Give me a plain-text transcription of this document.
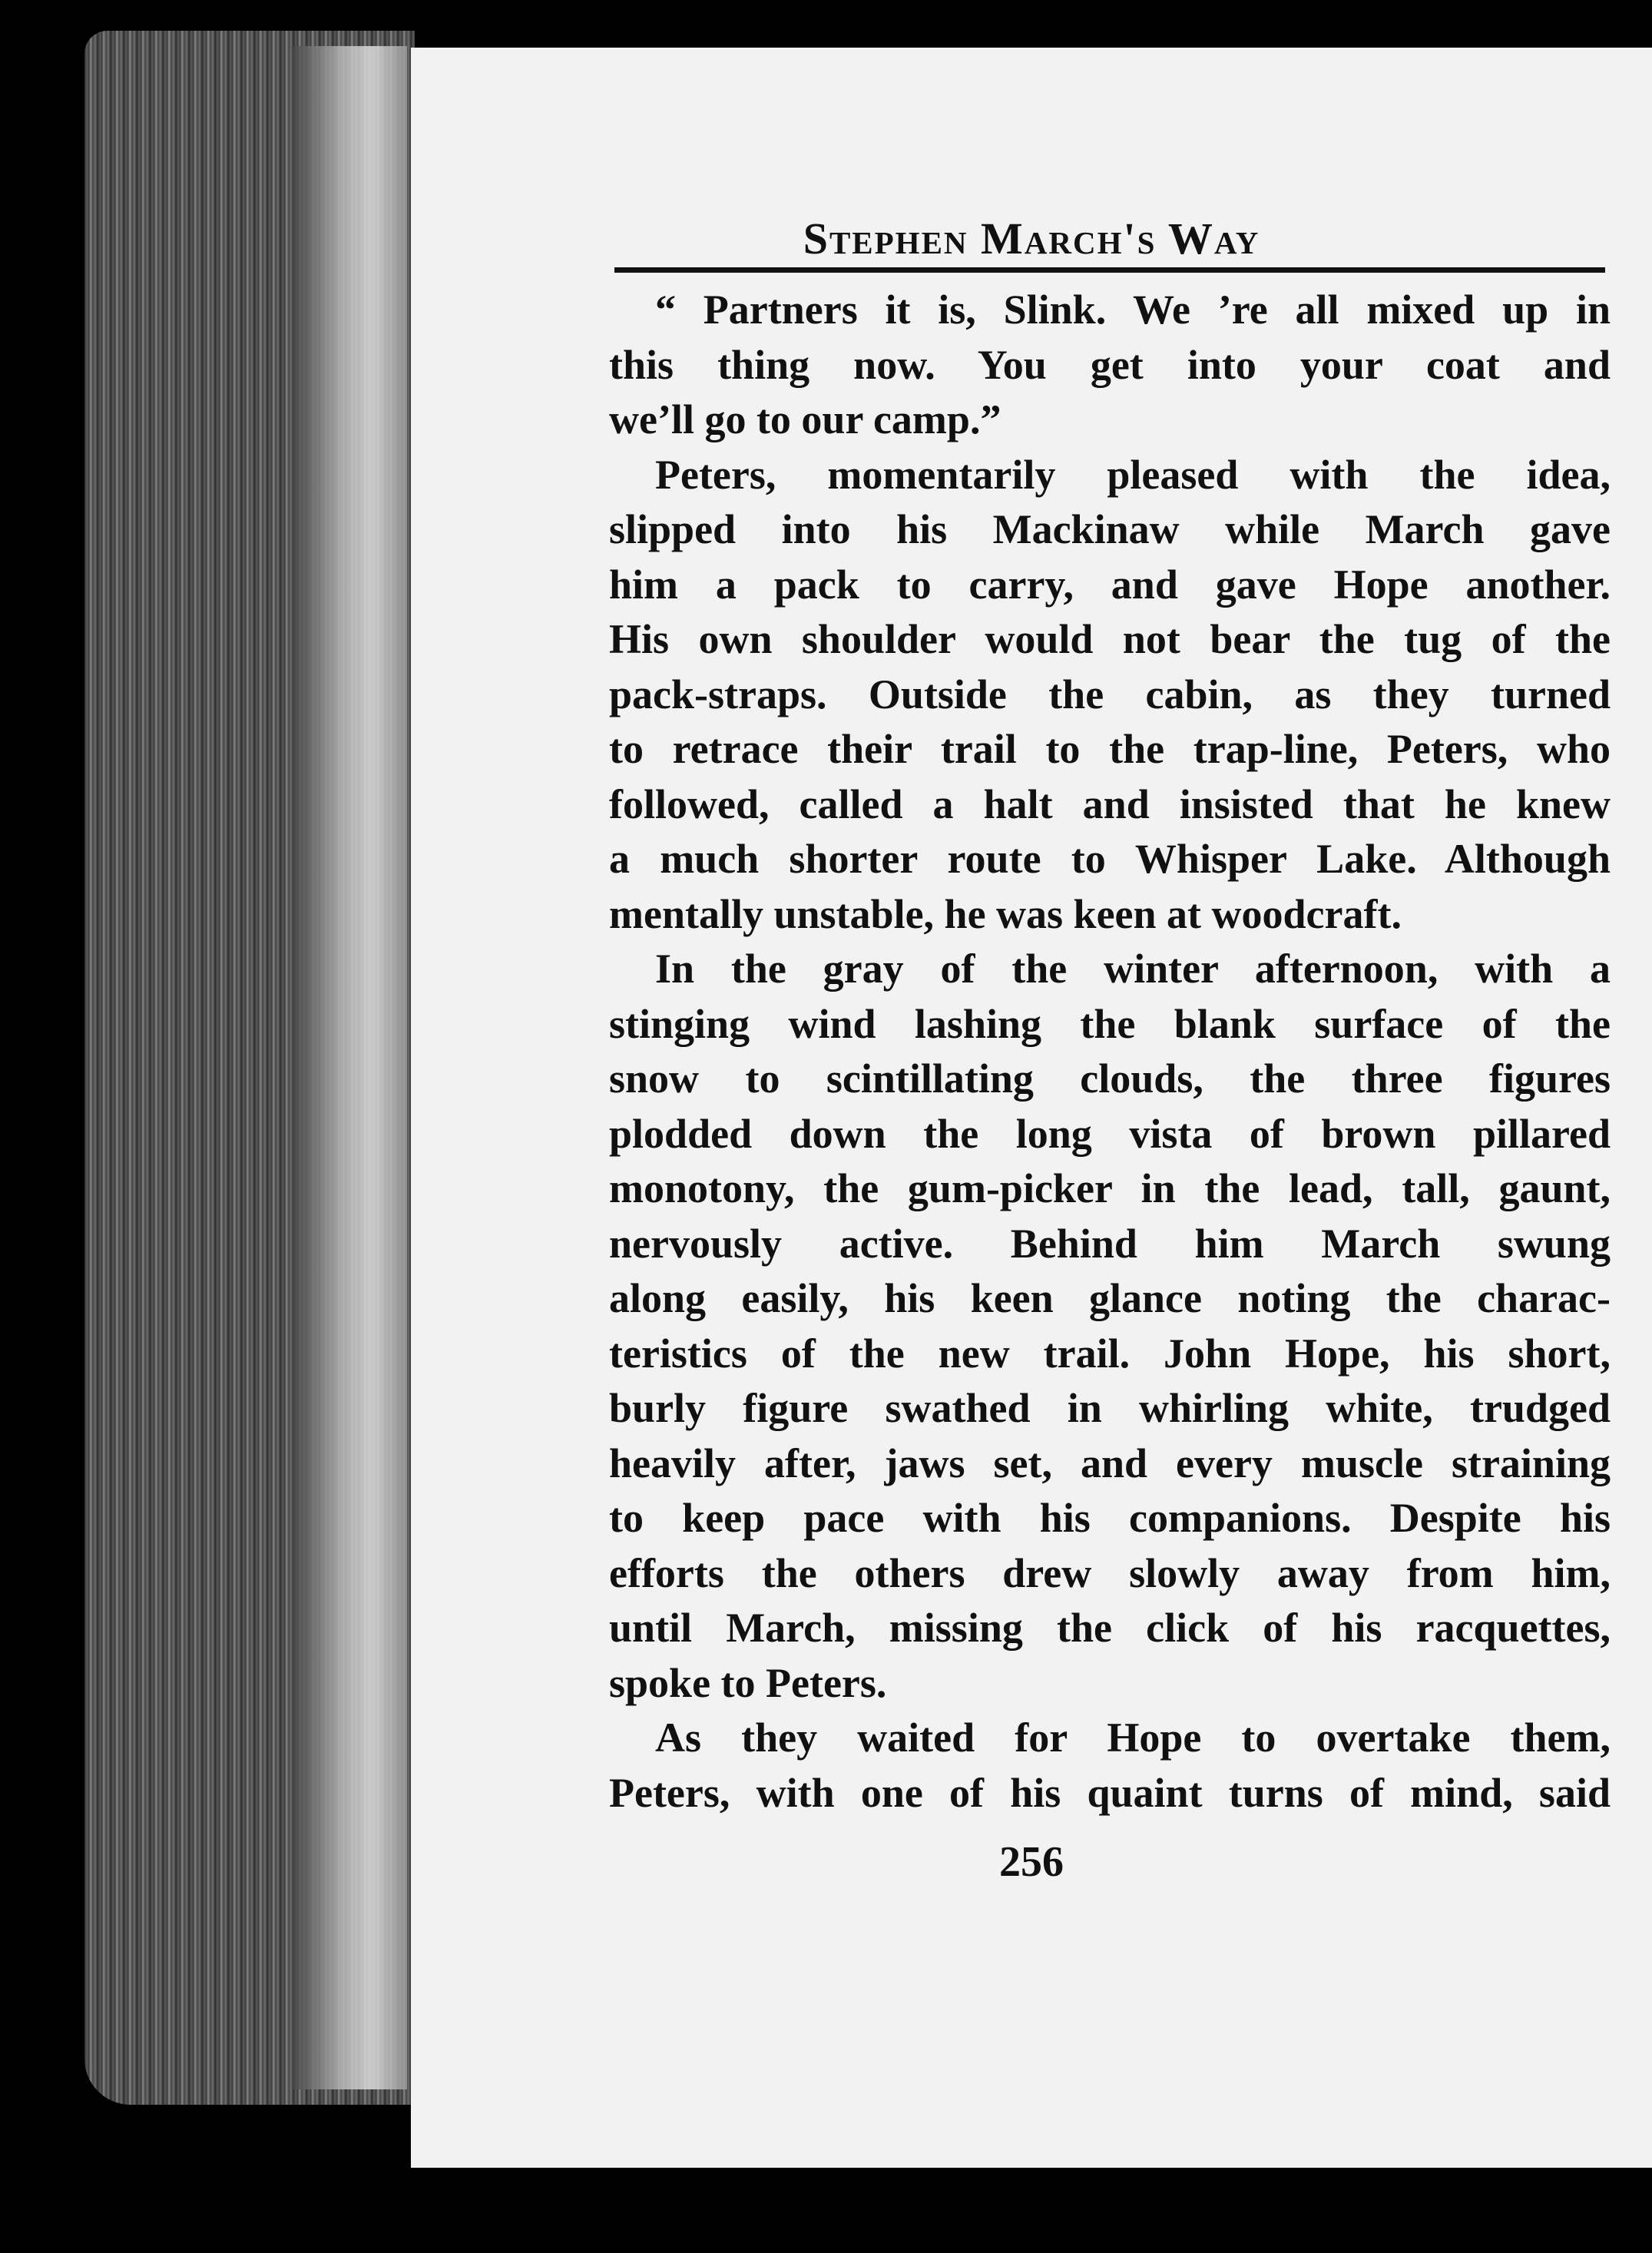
Stephen March's Way
“ Partners it is, Slink. We ’re all mixed up in
this thing now. You get into your coat and
we’ll go to our camp.”
Peters, momentarily pleased with the idea,
slipped into his Mackinaw while March gave
him a pack to carry, and gave Hope another.
His own shoulder would not bear the tug of the
pack-straps. Outside the cabin, as they turned
to retrace their trail to the trap-line, Peters, who
followed, called a halt and insisted that he knew
a much shorter route to Whisper Lake. Although
mentally unstable, he was keen at woodcraft.
In the gray of the winter afternoon, with a
stinging wind lashing the blank surface of the
snow to scintillating clouds, the three figures
plodded down the long vista of brown pillared
monotony, the gum-picker in the lead, tall, gaunt,
nervously active. Behind him March swung
along easily, his keen glance noting the charac-
teristics of the new trail. John Hope, his short,
burly figure swathed in whirling white, trudged
heavily after, jaws set, and every muscle straining
to keep pace with his companions. Despite his
efforts the others drew slowly away from him,
until March, missing the click of his racquettes,
spoke to Peters.
As they waited for Hope to overtake them,
Peters, with one of his quaint turns of mind, said
256
